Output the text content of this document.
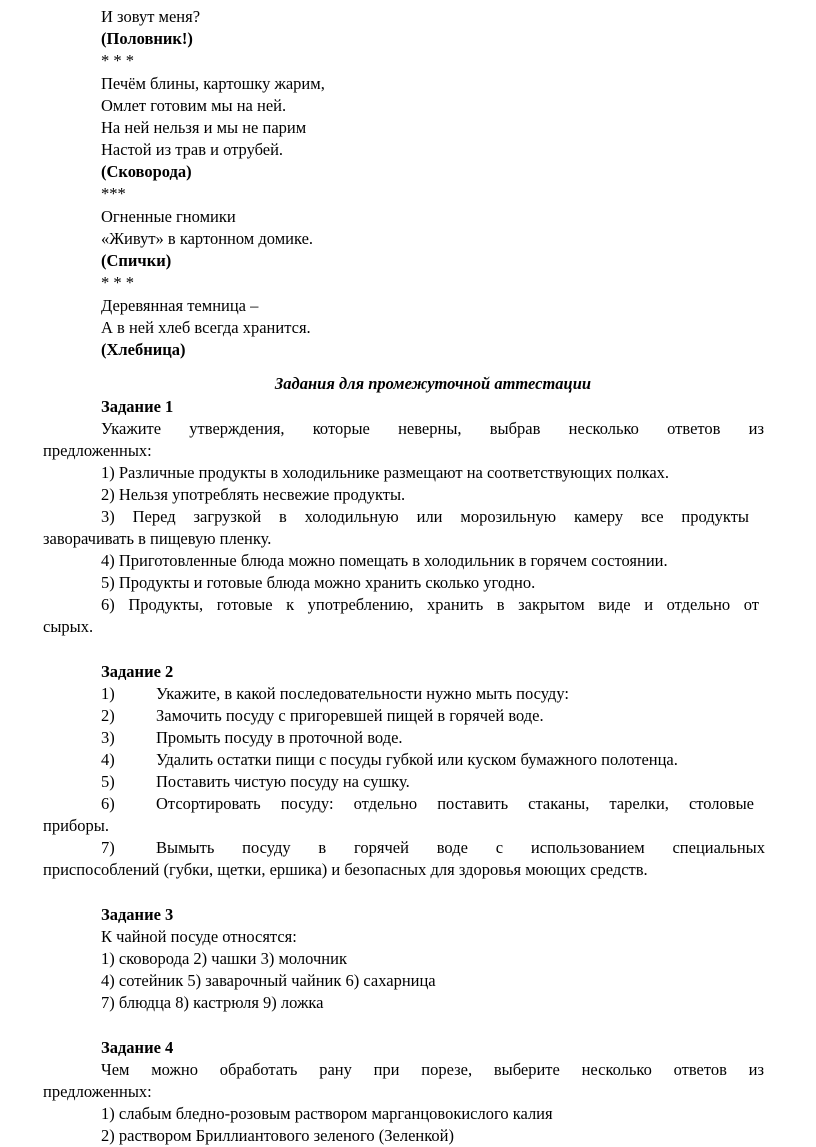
И зовут меня?
(Половник!)
* * *
Печём блины, картошку жарим,
Омлет готовим мы на ней.
На ней нельзя и мы не парим
Настой из трав и отрубей.
(Сковорода)
***
Огненные гномики
«Живут» в картонном домике.
(Спички)
* * *
Деревянная темница –
А в ней хлеб всегда хранится.
(Хлебница)
Задания для промежуточной аттестации
Задание 1
Укажите утверждения, которые неверны, выбрав несколько ответов из
предложенных:
1) Различные продукты в холодильнике размещают на соответствующих полках.
2) Нельзя употреблять несвежие продукты.
3) Перед загрузкой в холодильную или морозильную камеру все продукты
заворачивать в пищевую пленку.
4) Приготовленные блюда можно помещать в холодильник в горячем состоянии.
5) Продукты и готовые блюда можно хранить сколько угодно.
6) Продукты, готовые к употреблению, хранить в закрытом виде и отдельно от
сырых.
Задание 2
1)	Укажите, в какой последовательности нужно мыть посуду:
2)	Замочить посуду с пригоревшей пищей в горячей воде.
3)	Промыть посуду в проточной воде.
4)	Удалить остатки пищи с посуды губкой или куском бумажного полотенца.
5)	Поставить чистую посуду на сушку.
6)	Отсортировать посуду: отдельно поставить стаканы, тарелки, столовые
приборы.
7)	Вымыть посуду в горячей воде с использованием специальных
приспособлений (губки, щетки, ершика) и безопасных для здоровья моющих средств.
Задание 3
К чайной посуде относятся:
1) сковорода 2) чашки 3) молочник
4) сотейник 5) заварочный чайник 6) сахарница
7) блюдца 8) кастрюля 9) ложка
Задание 4
Чем можно обработать рану при порезе, выберите несколько ответов из
предложенных:
1) слабым бледно-розовым раствором марганцовокислого калия
2) раствором Бриллиантового зеленого (Зеленкой)
